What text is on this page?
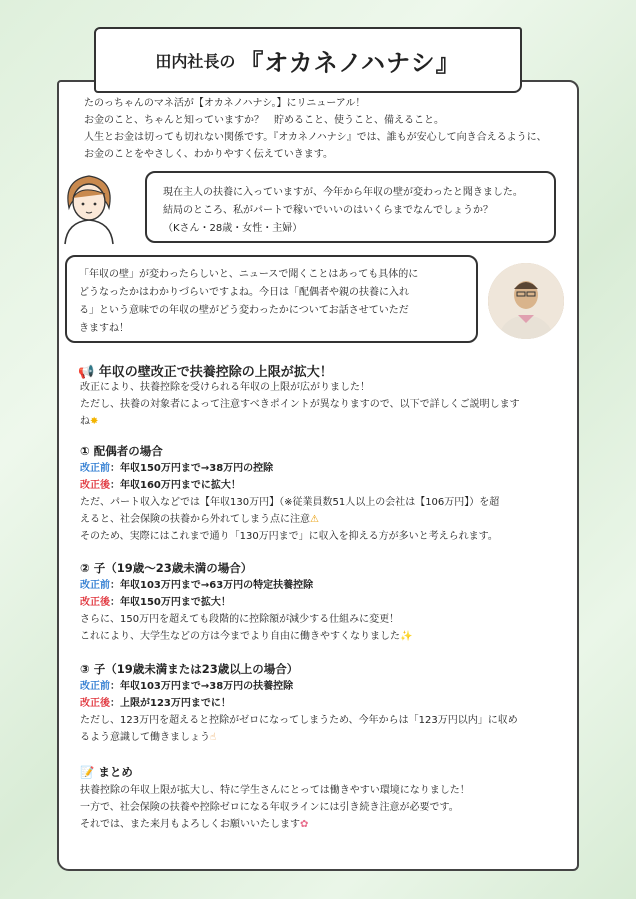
田内社長の 『オカネノハナシ』
たのっちゃんのマネ活が【オカネノハナシ。】にリニューアル！
お金のこと、ちゃんと知っていますか？　貯めること、使うこと、備えること。
人生とお金は切っても切れない関係です。『オカネノハナシ』では、誰もが安心して向き合えるように、
お金のことをやさしく、わかりやすく伝えていきます。
現在主人の扶養に入っていますが、今年から年収の壁が変わったと聞きました。
結局のところ、私がパートで稼いでいいのはいくらまでなんでしょうか？
（Kさん・28歳・女性・主婦）
「年収の壁」が変わったらしいと、ニュースで聞くことはあっても具体的に
どうなったかはわかりづらいですよね。今日は「配偶者や親の扶養に入れ
る」という意味での年収の壁がどう変わったかについてお話させていただ
きますね！
📢 年収の壁改正で扶養控除の上限が拡大！
改正により、扶養控除を受けられる年収の上限が広がりました！
ただし、扶養の対象者によって注意すべきポイントが異なりますので、以下で詳しくご説明します
ね✸
① 配偶者の場合
改正前：年収150万円まで→38万円の控除
改正後：年収160万円までに拡大！
ただ、パート収入などでは【年収130万円】（※従業員数51人以上の会社は【106万円】）を超
えると、社会保険の扶養から外れてしまう点に注意⚠
そのため、実際にはこれまで通り「130万円まで」に収入を抑える方が多いと考えられます。
② 子（19歳〜23歳未満の場合）
改正前：年収103万円まで→63万円の特定扶養控除
改正後：年収150万円まで拡大！
さらに、150万円を超えても段階的に控除額が減少する仕組みに変更！
これにより、大学生などの方は今までより自由に働きやすくなりました✨
③ 子（19歳未満または23歳以上の場合）
改正前：年収103万円まで→38万円の扶養控除
改正後：上限が123万円までに！
ただし、123万円を超えると控除がゼロになってしまうため、今年からは「123万円以内」に収め
るよう意識して働きましょう☝
📝 まとめ
扶養控除の年収上限が拡大し、特に学生さんにとっては働きやすい環境になりました！
一方で、社会保険の扶養や控除ゼロになる年収ラインには引き続き注意が必要です。
それでは、また来月もよろしくお願いいたします✿
